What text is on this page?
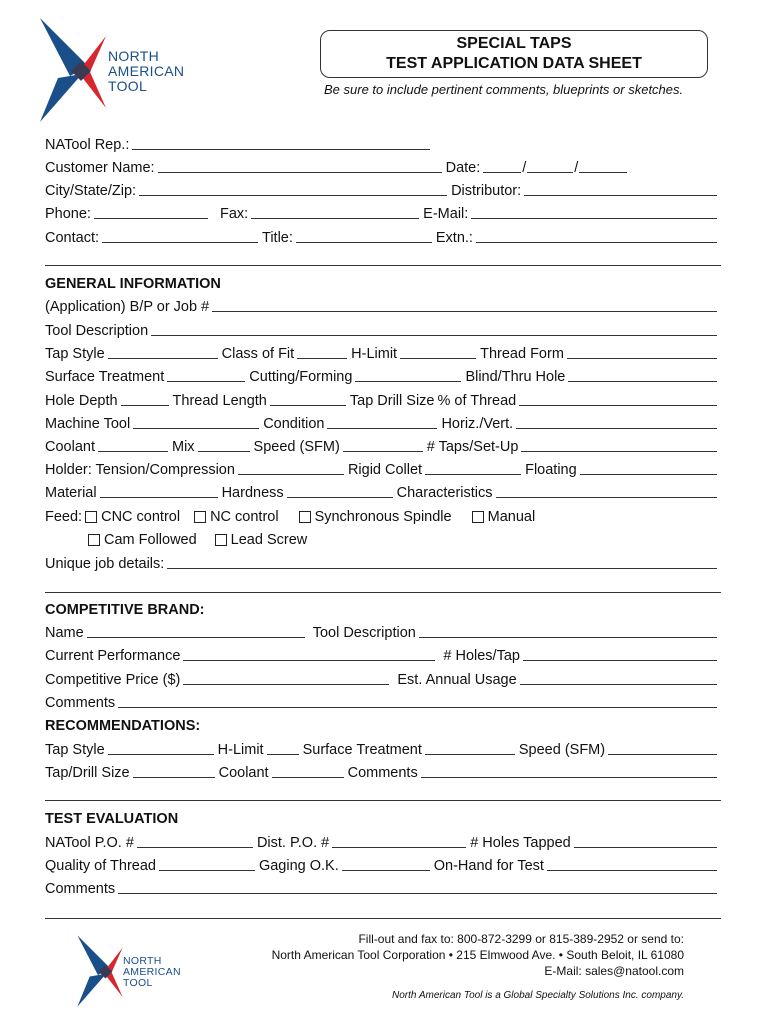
NORTH
AMERICAN
TOOL
SPECIAL TAPS
TEST APPLICATION DATA SHEET
Be sure to include pertinent comments, blueprints or sketches.
NATool Rep.:
Customer Name:	Date:	/	/
City/State/Zip:	Distributor:
Phone:	Fax:	E-Mail:
Contact:	Title:	Extn.:
GENERAL INFORMATION
(Application) B/P or Job #
Tool Description
Tap Style	Class of Fit	H-Limit	Thread Form
Surface Treatment	Cutting/Forming	Blind/Thru Hole
Hole Depth	Thread Length	Tap Drill Size % of Thread
Machine Tool	Condition	Horiz./Vert.
Coolant	Mix	Speed (SFM)	# Taps/Set-Up
Holder: Tension/Compression	Rigid Collet	Floating
Material	Hardness	Characteristics
Feed: CNC control NC control Synchronous Spindle Manual
Cam Followed Lead Screw
Unique job details:
COMPETITIVE BRAND:
Name	Tool Description
Current Performance	# Holes/Tap
Competitive Price ($)	Est. Annual Usage
Comments
RECOMMENDATIONS:
Tap Style	H-Limit	Surface Treatment	Speed (SFM)
Tap/Drill Size	Coolant	Comments
TEST EVALUATION
NATool P.O. #	Dist. P.O. #	# Holes Tapped
Quality of Thread	Gaging O.K.	On-Hand for Test
Comments
NORTH
AMERICAN
TOOL
Fill-out and fax to: 800-872-3299 or 815-389-2952 or send to:
North American Tool Corporation • 215 Elmwood Ave. • South Beloit, IL 61080
E-Mail: sales@natool.com
North American Tool is a Global Specialty Solutions Inc. company.
